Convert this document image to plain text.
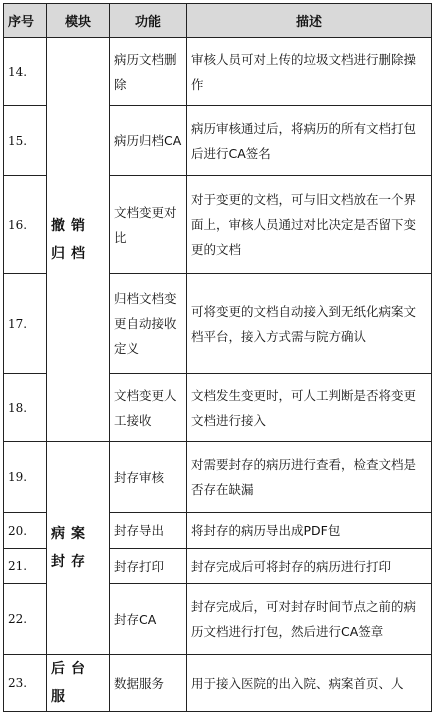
序号	模块	功能	描述
14.	撤销归档	病历文档删除	审核人员可对上传的垃圾文档进行删除操作
15.		病历归档CA	病历审核通过后，将病历的所有文档打包后进行CA签名
16.		文档变更对比	对于变更的文档，可与旧文档放在一个界面上，审核人员通过对比决定是否留下变更的文档
17.		归档文档变更自动接收定义	可将变更的文档自动接入到无纸化病案文档平台，接入方式需与院方确认
18.		文档变更人工接收	文档发生变更时，可人工判断是否将变更文档进行接入
19.	病案封存	封存审核	对需要封存的病历进行查看，检查文档是否存在缺漏
20.		封存导出	将封存的病历导出成PDF包
21.		封存打印	封存完成后可将封存的病历进行打印
22.		封存CA	封存完成后，可对封存时间节点之前的病历文档进行打包，然后进行CA签章
23.	后台服	数据服务	用于接入医院的出入院、病案首页、人
